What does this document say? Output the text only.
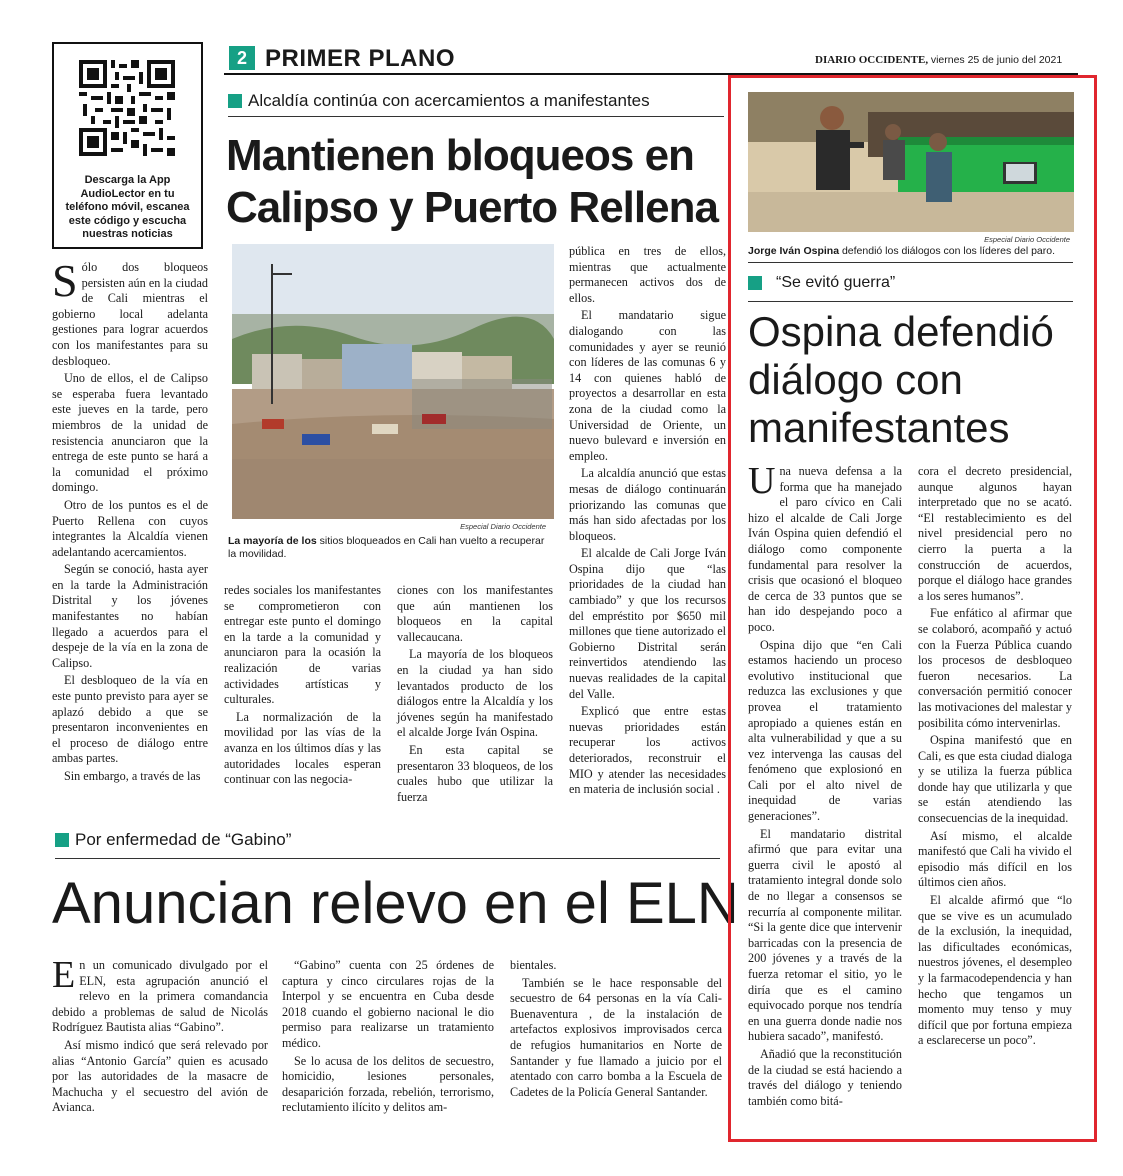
Descarga la App AudioLector en tu teléfono móvil, escanea este código y escucha nuestras noticias
2 PRIMER PLANO	DIARIO OCCIDENTE, viernes 25 de junio del 2021
Alcaldía continúa con acercamientos a manifestantes
Mantienen bloqueos en Calipso y Puerto Rellena
Especial Diario Occidente
La mayoría de los sitios bloqueados en Cali han vuelto a recuperar la movilidad.

Sólo dos bloqueos persisten aún en la ciudad de Cali mientras el gobierno local adelanta gestiones para lograr acuerdos con los manifestantes para su desbloqueo.

Uno de ellos, el de Calipso se esperaba fuera levantado este jueves en la tarde, pero miembros de la unidad de resistencia anunciaron que la entrega de este punto se hará a la comunidad el próximo domingo.

Otro de los puntos es el de Puerto Rellena con cuyos integrantes la Alcaldía vienen adelantando acercamientos.

Según se conoció, hasta ayer en la tarde la Administración Distrital y los jóvenes manifestantes no habían llegado a acuerdos para el despeje de la vía en la zona de Calipso.

El desbloqueo de la vía en este punto previsto para ayer se aplazó debido a que se presentaron inconvenientes en el proceso de diálogo entre ambas partes.

Sin embargo, a través de las

redes sociales los manifestantes se comprometieron con entregar este punto el domingo en la tarde a la comunidad y anunciaron para la ocasión la realización de varias actividades artísticas y culturales.

La normalización de la movilidad por las vías de la avanza en los últimos días y las autoridades locales esperan continuar con las negocia-

ciones con los manifestantes que aún mantienen los bloqueos en la capital vallecaucana.

La mayoría de los bloqueos en la ciudad ya han sido levantados producto de los diálogos entre la Alcaldía y los jóvenes según ha manifestado el alcalde Jorge Iván Ospina.

En esta capital se presentaron 33 bloqueos, de los cuales hubo que utilizar la fuerza

pública en tres de ellos, mientras que actualmente permanecen activos dos de ellos.

El mandatario sigue dialogando con las comunidades y ayer se reunió con líderes de las comunas 6 y 14 con quienes habló de proyectos a desarrollar en esta zona de la ciudad como la Universidad de Oriente, un nuevo bulevard e inversión en empleo.

La alcaldía anunció que estas mesas de diálogo continuarán priorizando las comunas que más han sido afectadas por los bloqueos.

El alcalde de Cali Jorge Iván Ospina dijo que “las prioridades de la ciudad han cambiado” y que los recursos del empréstito por $650 mil millones que tiene autorizado el Gobierno Distrital serán reinvertidos atendiendo las nuevas realidades de la capital del Valle.

Explicó que entre estas nuevas prioridades están recuperar los activos deteriorados, reconstruir el MIO y atender las necesidades en materia de inclusión social .

Por enfermedad de “Gabino”
Anuncian relevo en el ELN

En un comunicado divulgado por el ELN, esta agrupación anunció el relevo en la primera comandancia debido a problemas de salud de Nicolás Rodríguez Bautista alias “Gabino”.

Así mismo indicó que será relevado por alias “Antonio García” quien es acusado por las autoridades de la masacre de Machucha y el secuestro del avión de Avianca.

“Gabino” cuenta con 25 órdenes de captura y cinco circulares rojas de la Interpol y se encuentra en Cuba desde 2018 cuando el gobierno nacional le dio permiso para realizarse un tratamiento médico.

Se lo acusa de los delitos de secuestro, homicidio, lesiones personales, desaparición forzada, rebelión, terrorismo, reclutamiento ilícito y delitos am-

bientales.

También se le hace responsable del secuestro de 64 personas en la vía Cali-Buenaventura , de la instalación de artefactos explosivos improvisados cerca de refugios humanitarios en Norte de Santander y fue llamado a juicio por el atentado con carro bomba a la Escuela de Cadetes de la Policía General Santander.

Especial Diario Occidente
Jorge Iván Ospina defendió los diálogos con los líderes del paro.
“Se evitó guerra”
Ospina defendió diálogo con manifestantes

Una nueva defensa a la forma que ha manejado el paro cívico en Cali hizo el alcalde de Cali Jorge Iván Ospina quien defendió el diálogo como componente fundamental para resolver la crisis que ocasionó el bloqueo de cerca de 33 puntos que se han ido despejando poco a poco.

Ospina dijo que “en Cali estamos haciendo un proceso evolutivo institucional que reduzca las exclusiones y que provea el tratamiento apropiado a quienes están en alta vulnerabilidad y que a su vez intervenga las causas del fenómeno que explosionó en Cali por el alto nivel de inequidad de varias generaciones”.

El mandatario distrital afirmó que para evitar una guerra civil le apostó al tratamiento integral donde solo de no llegar a consensos se recurría al componente militar. “Si la gente dice que intervenir barricadas con la presencia de 200 jóvenes y a través de la fuerza retomar el sitio, yo le diría que es el camino equivocado porque nos tendría en una guerra donde nadie nos hubiera sacado”, manifestó.

Añadió que la reconstitución de la ciudad se está haciendo a través del diálogo y teniendo también como bitá-

cora el decreto presidencial, aunque algunos hayan interpretado que no se acató. “El restablecimiento es del nivel presidencial pero no cierro la puerta a la construcción de acuerdos, porque el diálogo hace grandes a los seres humanos”.

Fue enfático al afirmar que se colaboró, acompañó y actuó con la Fuerza Pública cuando los procesos de desbloqueo fueron necesarios. La conversación permitió conocer las motivaciones del malestar y posibilita cómo intervenirlas.

Ospina manifestó que en Cali, es que esta ciudad dialoga y se utiliza la fuerza pública donde hay que utilizarla y que se están atendiendo las consecuencias de la inequidad.

Así mismo, el alcalde manifestó que Cali ha vivido el episodio más difícil en los últimos cien años.

El alcalde afirmó que “lo que se vive es un acumulado de la exclusión, la inequidad, las dificultades económicas, nuestros jóvenes, el desempleo y la farmacodependencia y han hecho que tengamos un momento muy tenso y muy difícil que por fortuna empieza a esclarecerse un poco”.
